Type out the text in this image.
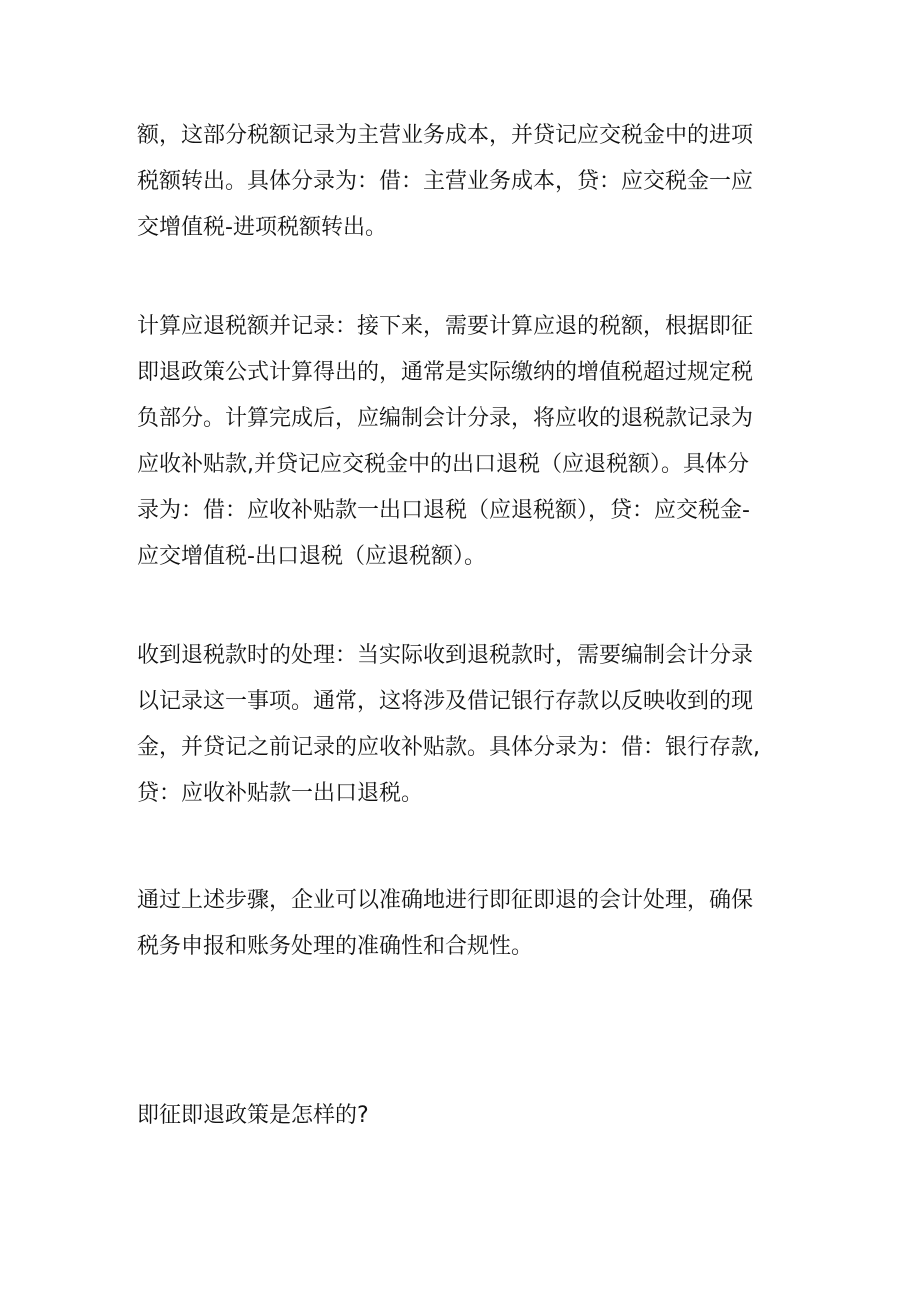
额，这部分税额记录为主营业务成本，并贷记应交税金中的进项
税额转出。具体分录为：借：主营业务成本，贷：应交税金一应
交增值税-进项税额转出。
计算应退税额并记录：接下来，需要计算应退的税额，根据即征
即退政策公式计算得出的，通常是实际缴纳的增值税超过规定税
负部分。计算完成后，应编制会计分录，将应收的退税款记录为
应收补贴款,并贷记应交税金中的出口退税（应退税额）。具体分
录为：借：应收补贴款一出口退税（应退税额），贷：应交税金-
应交增值税-出口退税（应退税额）。
收到退税款时的处理：当实际收到退税款时，需要编制会计分录
以记录这一事项。通常，这将涉及借记银行存款以反映收到的现
金，并贷记之前记录的应收补贴款。具体分录为：借：银行存款,
贷：应收补贴款一出口退税。
通过上述步骤，企业可以准确地进行即征即退的会计处理，确保
税务申报和账务处理的准确性和合规性。
即征即退政策是怎样的?
